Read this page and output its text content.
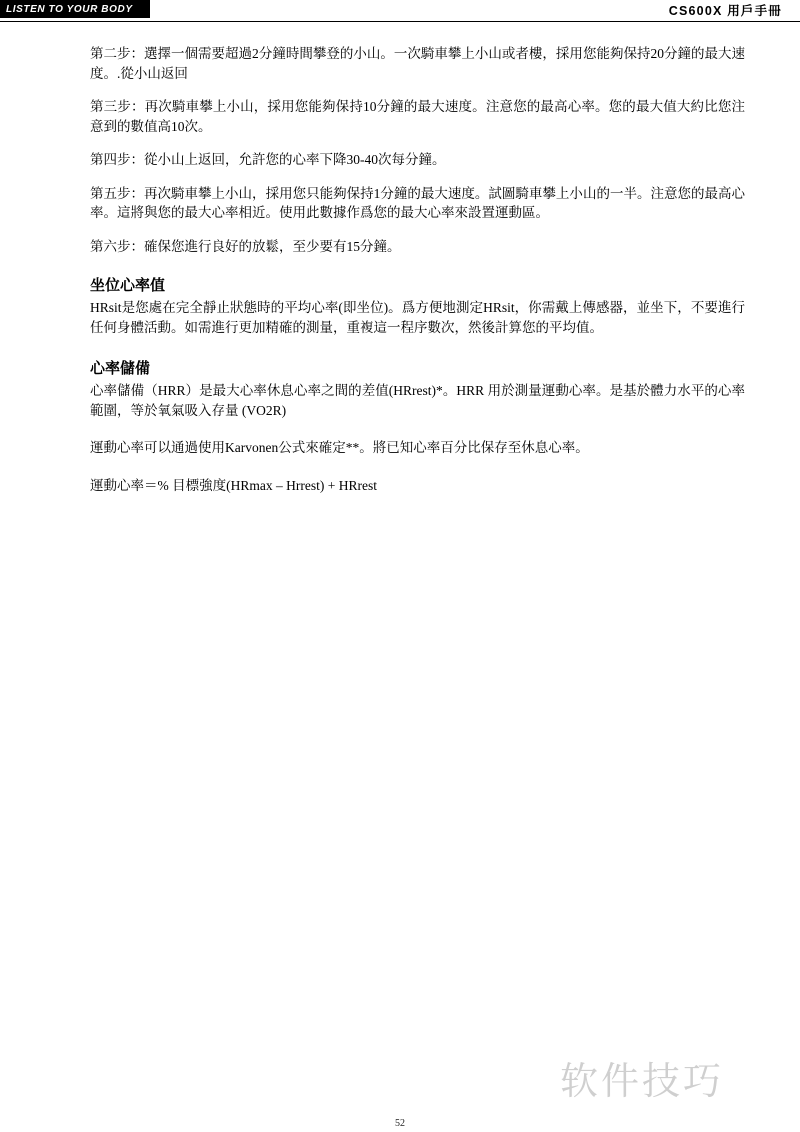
LISTEN TO YOUR BODY	CS600X 用戶手冊

第二步：選擇一個需要超過2分鐘時間攀登的小山。一次騎車攀上小山或者樓，採用您能夠保持20分鐘的最大速度。.從小山返回

第三步：再次騎車攀上小山，採用您能夠保持10分鐘的最大速度。注意您的最高心率。您的最大值大約比您注意到的數值高10次。

第四步：從小山上返回，允許您的心率下降30-40次每分鐘。

第五步：再次騎車攀上小山，採用您只能夠保持1分鐘的最大速度。試圖騎車攀上小山的一半。注意您的最高心率。這將與您的最大心率相近。使用此數據作爲您的最大心率來設置運動區。

第六步：確保您進行良好的放鬆，至少要有15分鐘。

坐位心率值

HRsit是您處在完全靜止狀態時的平均心率(即坐位)。爲方便地測定HRsit，你需戴上傳感器，並坐下，不要進行任何身體活動。如需進行更加精確的測量，重複這一程序數次，然後計算您的平均值。

心率儲備

心率儲備（HRR）是最大心率休息心率之間的差值(HRrest)*。HRR 用於測量運動心率。是基於體力水平的心率範圍，等於氧氣吸入存量 (VO2R)

運動心率可以通過使用Karvonen公式來確定**。將已知心率百分比保存至休息心率。

運動心率＝% 目標強度(HRmax – Hrrest) + HRrest

软件技巧
52
